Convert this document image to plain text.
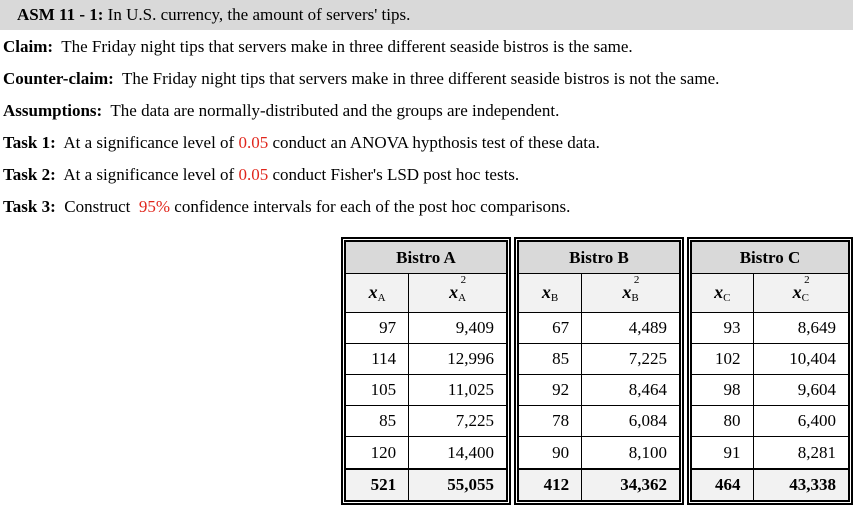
ASM 11 - 1: In U.S. currency, the amount of servers' tips.
Claim:  The Friday night tips that servers make in three different seaside bistros is the same.
Counter-claim:  The Friday night tips that servers make in three different seaside bistros is not the same.
Assumptions:  The data are normally-distributed and the groups are independent.
Task 1:  At a significance level of 0.05 conduct an ANOVA hypthosis test of these data.
Task 2:  At a significance level of 0.05 conduct Fisher's LSD post hoc tests.
Task 3:  Construct  95% confidence intervals for each of the post hoc comparisons.
Bistro A	
$x_A$	x
2
$_A$
97	9,409
114	12,996
105	11,025
85	7,225
120	14,400
521	55,055
Bistro B	
$x_B$	x
2
$_B$
67	4,489
85	7,225
92	8,464
78	6,084
90	8,100
412	34,362
Bistro C	
$x_C$	x
2
$_C$
93	8,649
102	10,404
98	9,604
80	6,400
91	8,281
464	43,338
